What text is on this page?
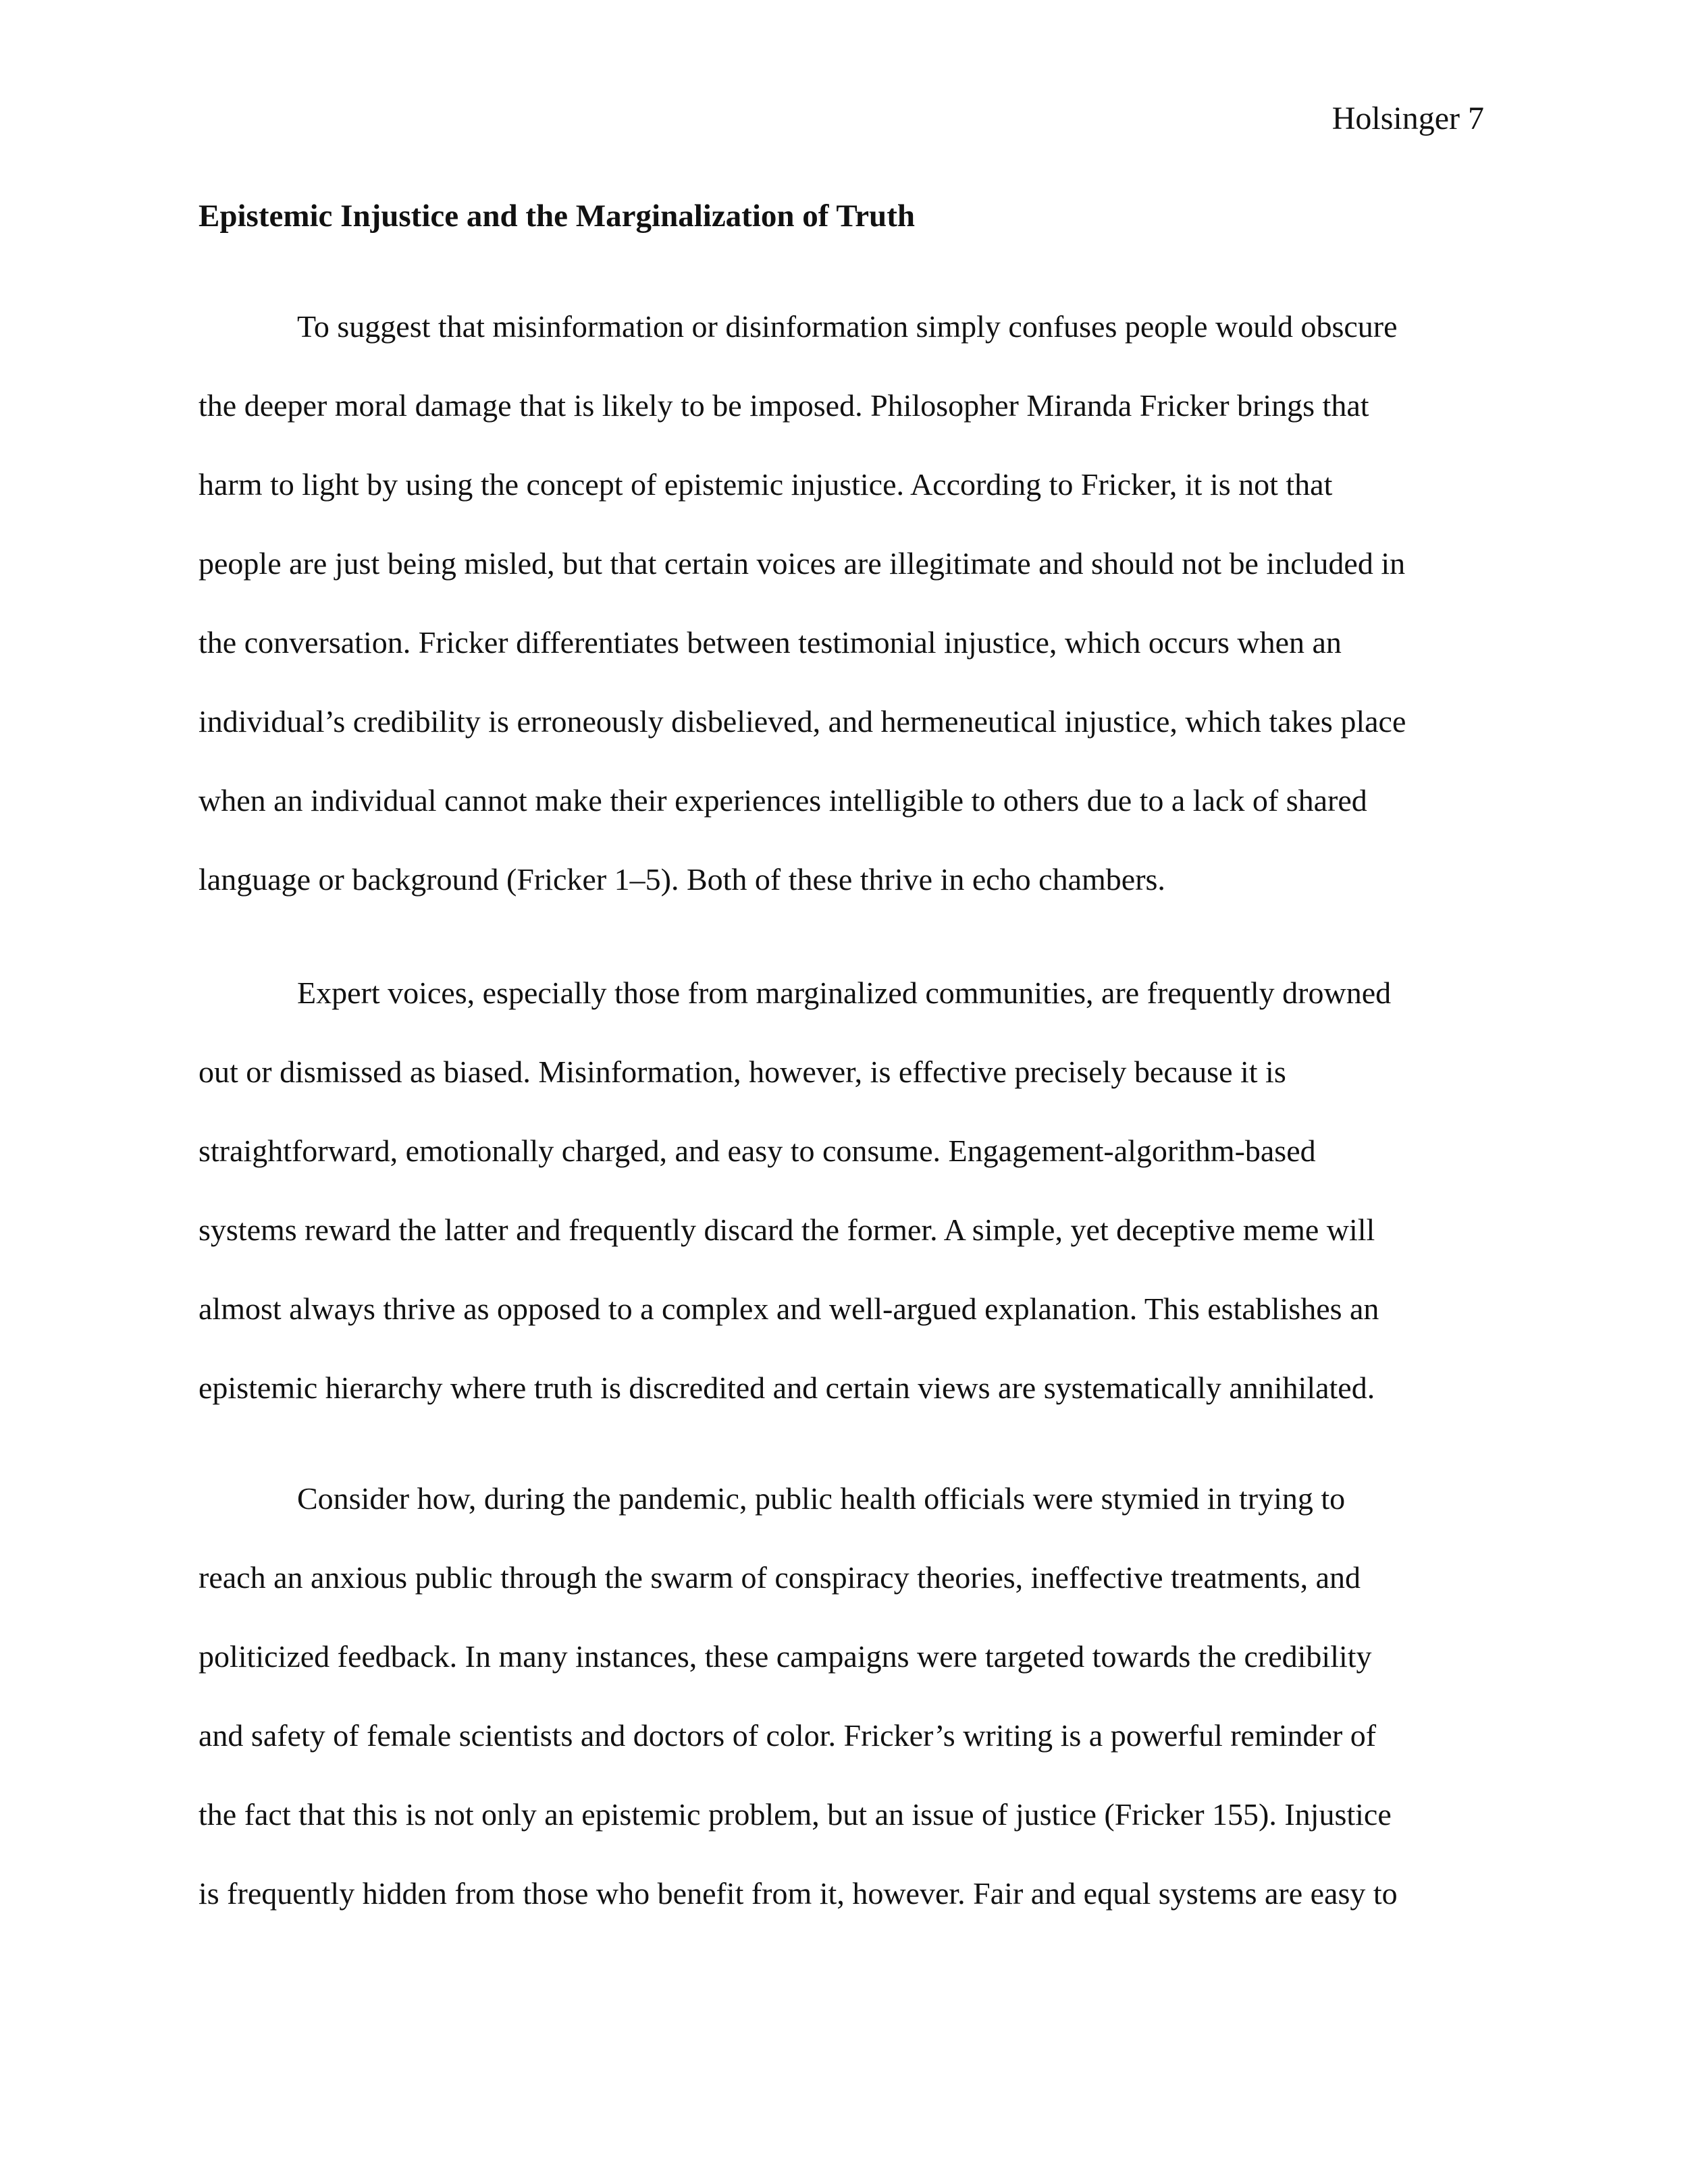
Holsinger 7
Epistemic Injustice and the Marginalization of Truth
To suggest that misinformation or disinformation simply confuses people would obscure
the deeper moral damage that is likely to be imposed. Philosopher Miranda Fricker brings that
harm to light by using the concept of epistemic injustice. According to Fricker, it is not that
people are just being misled, but that certain voices are illegitimate and should not be included in
the conversation. Fricker differentiates between testimonial injustice, which occurs when an
individual’s credibility is erroneously disbelieved, and hermeneutical injustice, which takes place
when an individual cannot make their experiences intelligible to others due to a lack of shared
language or background (Fricker 1–5). Both of these thrive in echo chambers.
Expert voices, especially those from marginalized communities, are frequently drowned
out or dismissed as biased. Misinformation, however, is effective precisely because it is
straightforward, emotionally charged, and easy to consume. Engagement-algorithm-based
systems reward the latter and frequently discard the former. A simple, yet deceptive meme will
almost always thrive as opposed to a complex and well-argued explanation. This establishes an
epistemic hierarchy where truth is discredited and certain views are systematically annihilated.
Consider how, during the pandemic, public health officials were stymied in trying to
reach an anxious public through the swarm of conspiracy theories, ineffective treatments, and
politicized feedback. In many instances, these campaigns were targeted towards the credibility
and safety of female scientists and doctors of color. Fricker’s writing is a powerful reminder of
the fact that this is not only an epistemic problem, but an issue of justice (Fricker 155). Injustice
is frequently hidden from those who benefit from it, however. Fair and equal systems are easy to
